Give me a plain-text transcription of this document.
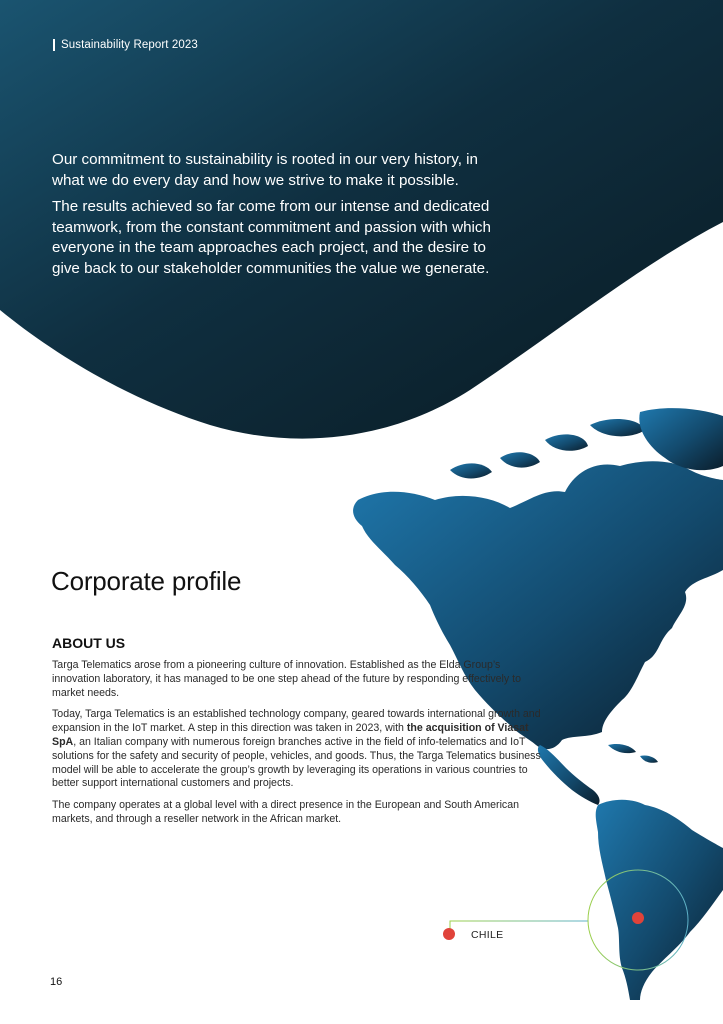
Sustainability Report 2023

Our commitment to sustainability is rooted in our very history, in what we do every day and how we strive to make it possible.

The results achieved so far come from our intense and dedicated teamwork, from the constant commitment and passion with which everyone in the team approaches each project, and the desire to give back to our stakeholder communities the value we generate.

Corporate profile
ABOUT US

Targa Telematics arose from a pioneering culture of innovation. Established as the Elda Group’s innovation laboratory, it has managed to be one step ahead of the future by responding effectively to market needs.

Today, Targa Telematics is an established technology company, geared towards international growth and expansion in the IoT market. A step in this direction was taken in 2023, with the acquisition of Viasat SpA, an Italian company with numerous foreign branches active in the field of info-telematics and IoT solutions for the safety and security of people, vehicles, and goods. Thus, the Targa Telematics business model will be able to accelerate the group’s growth by leveraging its operations in various countries to better support international customers and projects.

The company operates at a global level with a direct presence in the European and South American markets, and through a reseller network in the African market.

CHILE
16
